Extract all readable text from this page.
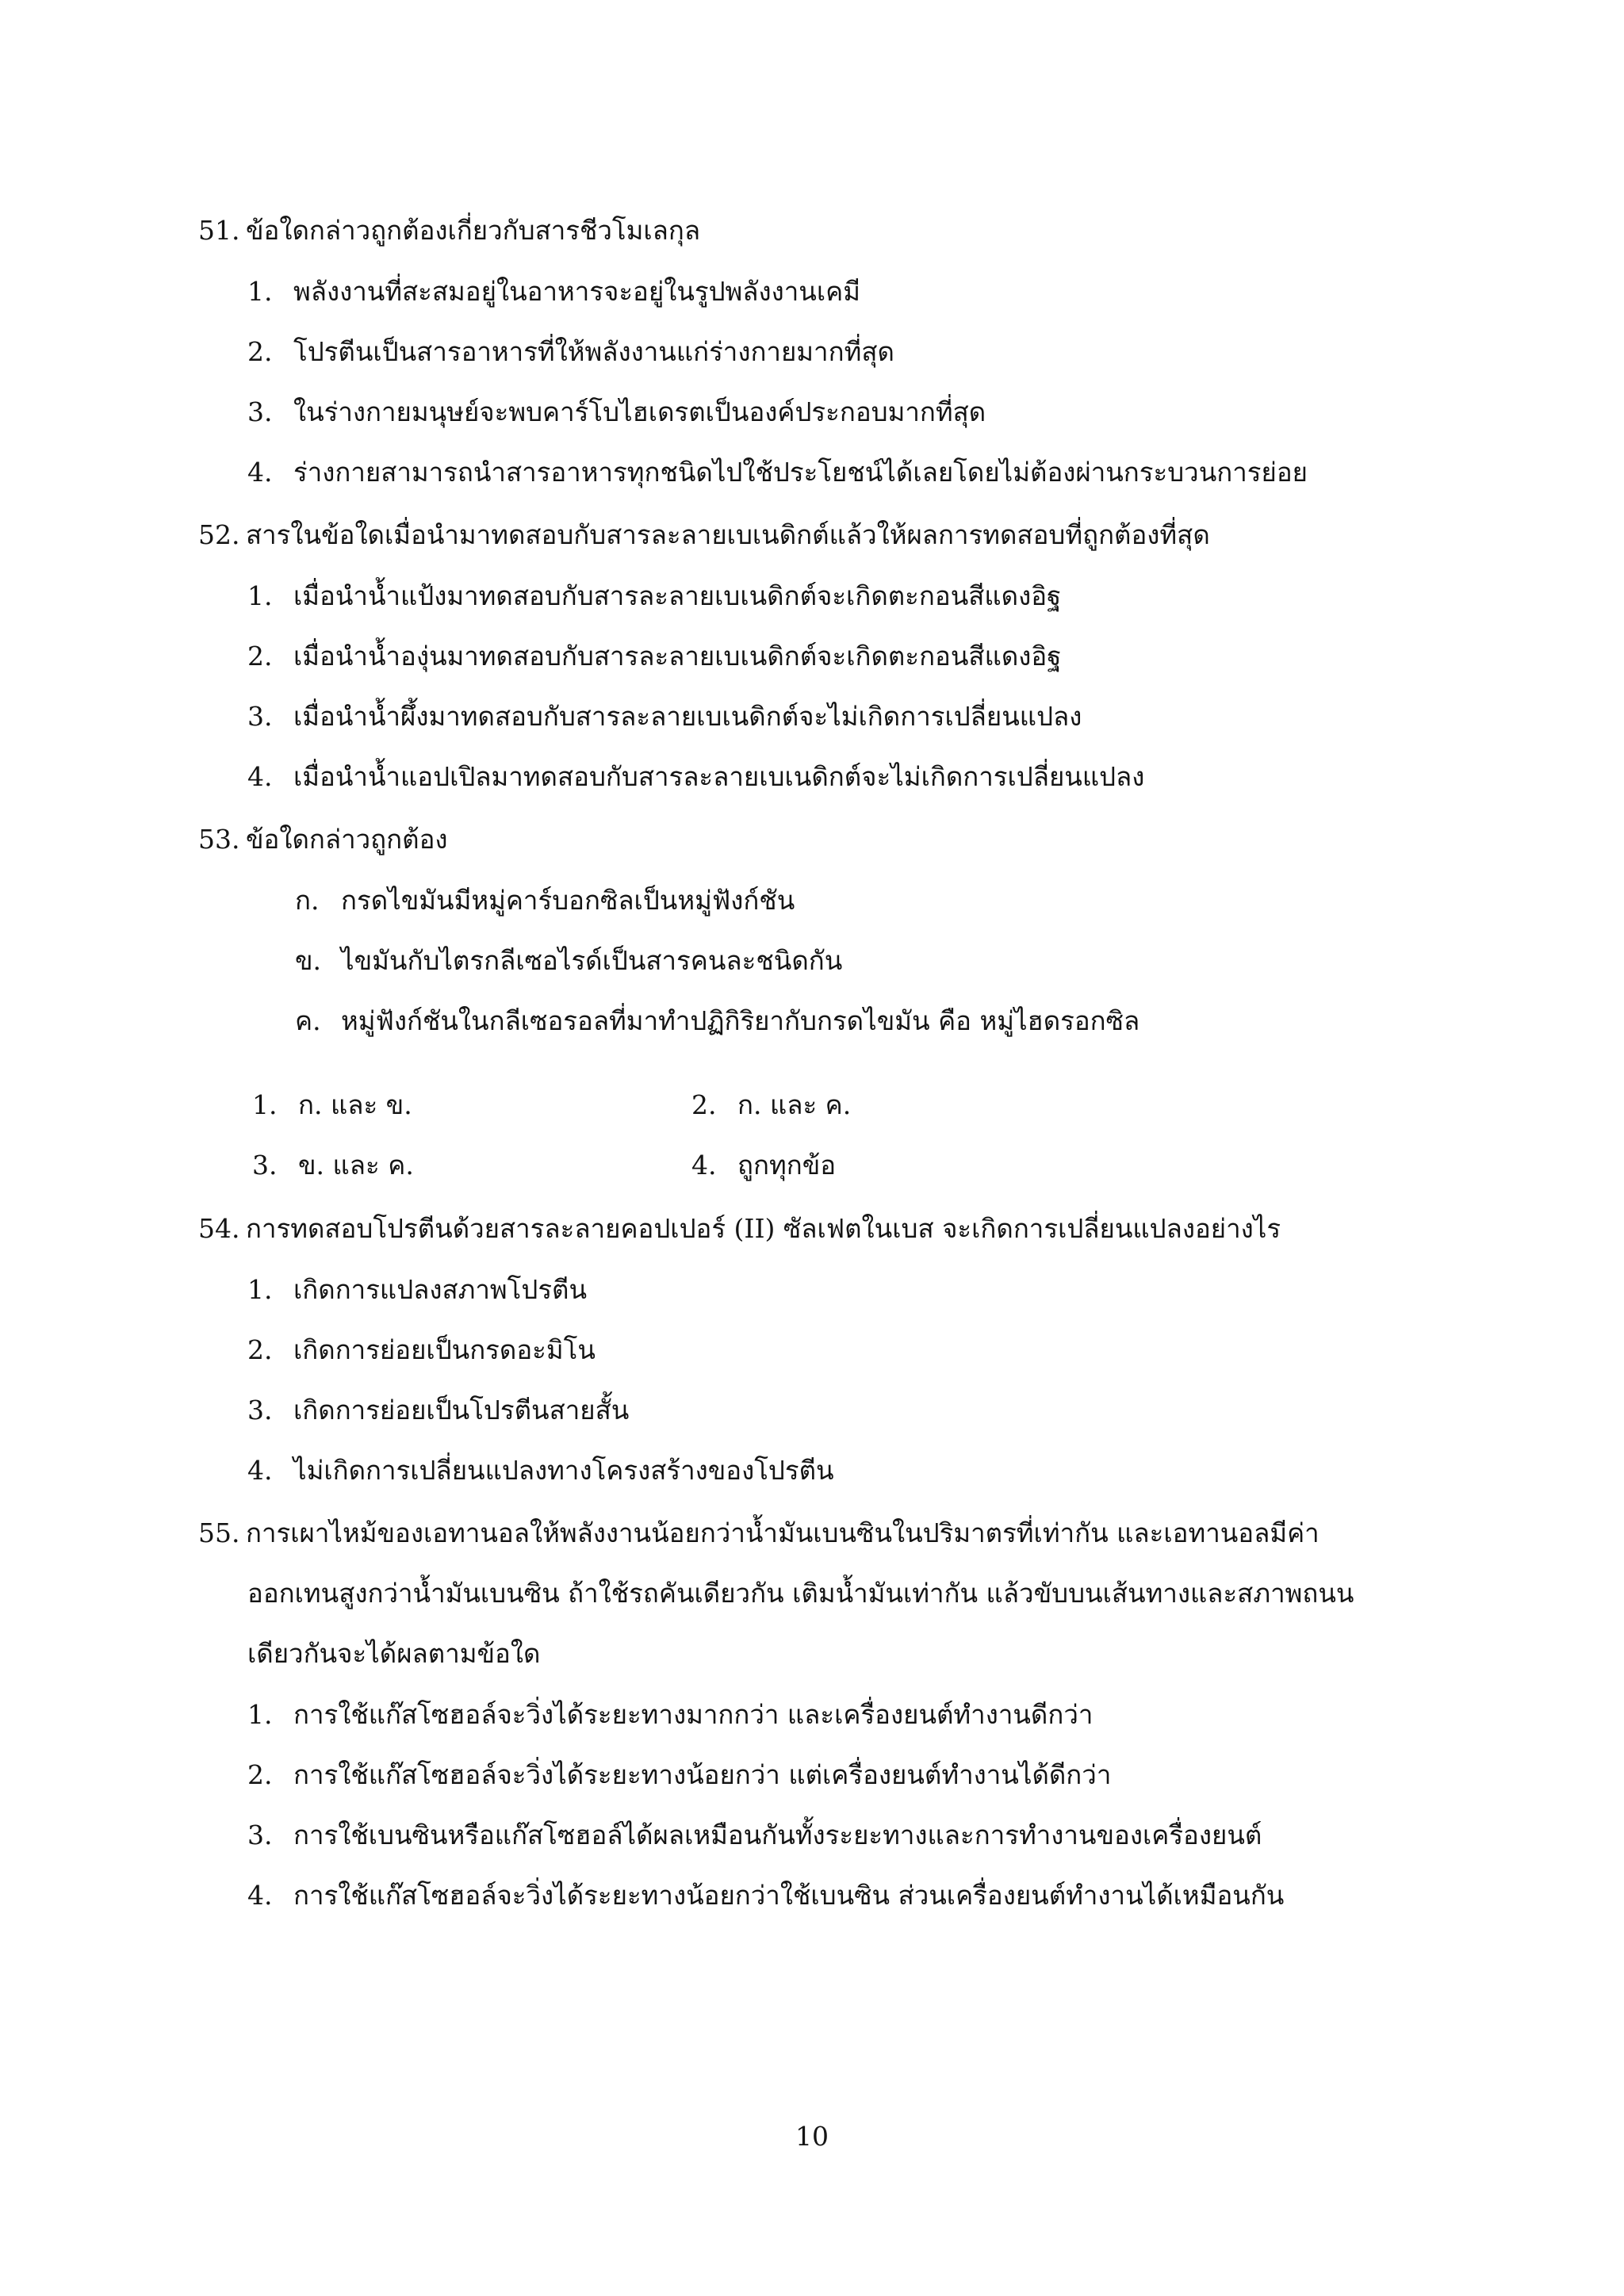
51. ข้อใดกล่าวถูกต้องเกี่ยวกับสารชีวโมเลกุล
1. พลังงานที่สะสมอยู่ในอาหารจะอยู่ในรูปพลังงานเคมี
2. โปรตีนเป็นสารอาหารที่ให้พลังงานแก่ร่างกายมากที่สุด
3. ในร่างกายมนุษย์จะพบคาร์โบไฮเดรตเป็นองค์ประกอบมากที่สุด
4. ร่างกายสามารถนำสารอาหารทุกชนิดไปใช้ประโยชน์ได้เลยโดยไม่ต้องผ่านกระบวนการย่อย
52. สารในข้อใดเมื่อนำมาทดสอบกับสารละลายเบเนดิกต์แล้วให้ผลการทดสอบที่ถูกต้องที่สุด
1. เมื่อนำน้ำแป้งมาทดสอบกับสารละลายเบเนดิกต์จะเกิดตะกอนสีแดงอิฐ
2. เมื่อนำน้ำองุ่นมาทดสอบกับสารละลายเบเนดิกต์จะเกิดตะกอนสีแดงอิฐ
3. เมื่อนำน้ำผึ้งมาทดสอบกับสารละลายเบเนดิกต์จะไม่เกิดการเปลี่ยนแปลง
4. เมื่อนำน้ำแอปเปิลมาทดสอบกับสารละลายเบเนดิกต์จะไม่เกิดการเปลี่ยนแปลง
53. ข้อใดกล่าวถูกต้อง
ก. กรดไขมันมีหมู่คาร์บอกซิลเป็นหมู่ฟังก์ชัน
ข. ไขมันกับไตรกลีเซอไรด์เป็นสารคนละชนิดกัน
ค. หมู่ฟังก์ชันในกลีเซอรอลที่มาทำปฏิกิริยากับกรดไขมัน คือ หมู่ไฮดรอกซิล
1. ก. และ ข.	2. ก. และ ค.
3. ข. และ ค.	4. ถูกทุกข้อ
54. การทดสอบโปรตีนด้วยสารละลายคอปเปอร์ (II) ซัลเฟตในเบส จะเกิดการเปลี่ยนแปลงอย่างไร
1. เกิดการแปลงสภาพโปรตีน
2. เกิดการย่อยเป็นกรดอะมิโน
3. เกิดการย่อยเป็นโปรตีนสายสั้น
4. ไม่เกิดการเปลี่ยนแปลงทางโครงสร้างของโปรตีน
55. การเผาไหม้ของเอทานอลให้พลังงานน้อยกว่าน้ำมันเบนซินในปริมาตรที่เท่ากัน และเอทานอลมีค่า
ออกเทนสูงกว่าน้ำมันเบนซิน ถ้าใช้รถคันเดียวกัน เติมน้ำมันเท่ากัน แล้วขับบนเส้นทางและสภาพถนน
เดียวกันจะได้ผลตามข้อใด
1. การใช้แก๊สโซฮอล์จะวิ่งได้ระยะทางมากกว่า และเครื่องยนต์ทำงานดีกว่า
2. การใช้แก๊สโซฮอล์จะวิ่งได้ระยะทางน้อยกว่า แต่เครื่องยนต์ทำงานได้ดีกว่า
3. การใช้เบนซินหรือแก๊สโซฮอล์ได้ผลเหมือนกันทั้งระยะทางและการทำงานของเครื่องยนต์
4. การใช้แก๊สโซฮอล์จะวิ่งได้ระยะทางน้อยกว่าใช้เบนซิน ส่วนเครื่องยนต์ทำงานได้เหมือนกัน
10
